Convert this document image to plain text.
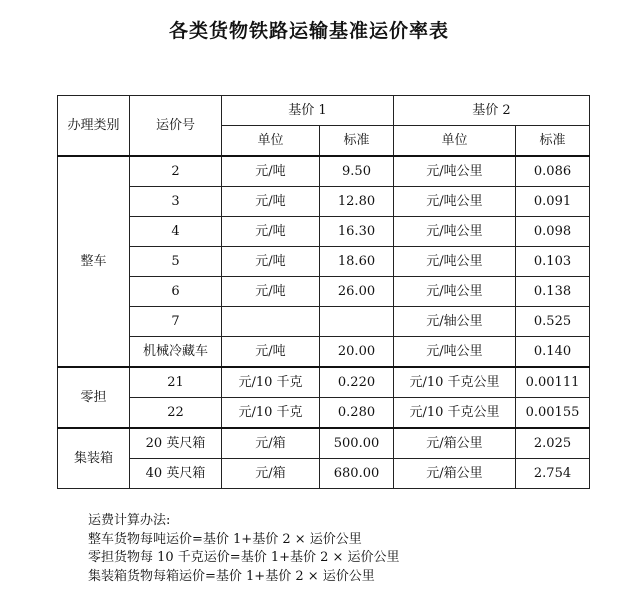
各类货物铁路运输基准运价率表
办理类别	运价号	基价 1		基价 2	
		单位	标准	单位	标准
整车	2	元/吨	9.50	元/吨公里	0.086
	3	元/吨	12.80	元/吨公里	0.091
	4	元/吨	16.30	元/吨公里	0.098
	5	元/吨	18.60	元/吨公里	0.103
	6	元/吨	26.00	元/吨公里	0.138
	7			元/轴公里	0.525
	机械冷藏车	元/吨	20.00	元/吨公里	0.140
零担	21	元/10 千克	0.220	元/10 千克公里	0.00111
	22	元/10 千克	0.280	元/10 千克公里	0.00155
集装箱	20 英尺箱	元/箱	500.00	元/箱公里	2.025
	40 英尺箱	元/箱	680.00	元/箱公里	2.754
运费计算办法:
整车货物每吨运价=基价 1+基价 2 × 运价公里
零担货物每 10 千克运价=基价 1+基价 2 × 运价公里
集装箱货物每箱运价=基价 1+基价 2 × 运价公里
